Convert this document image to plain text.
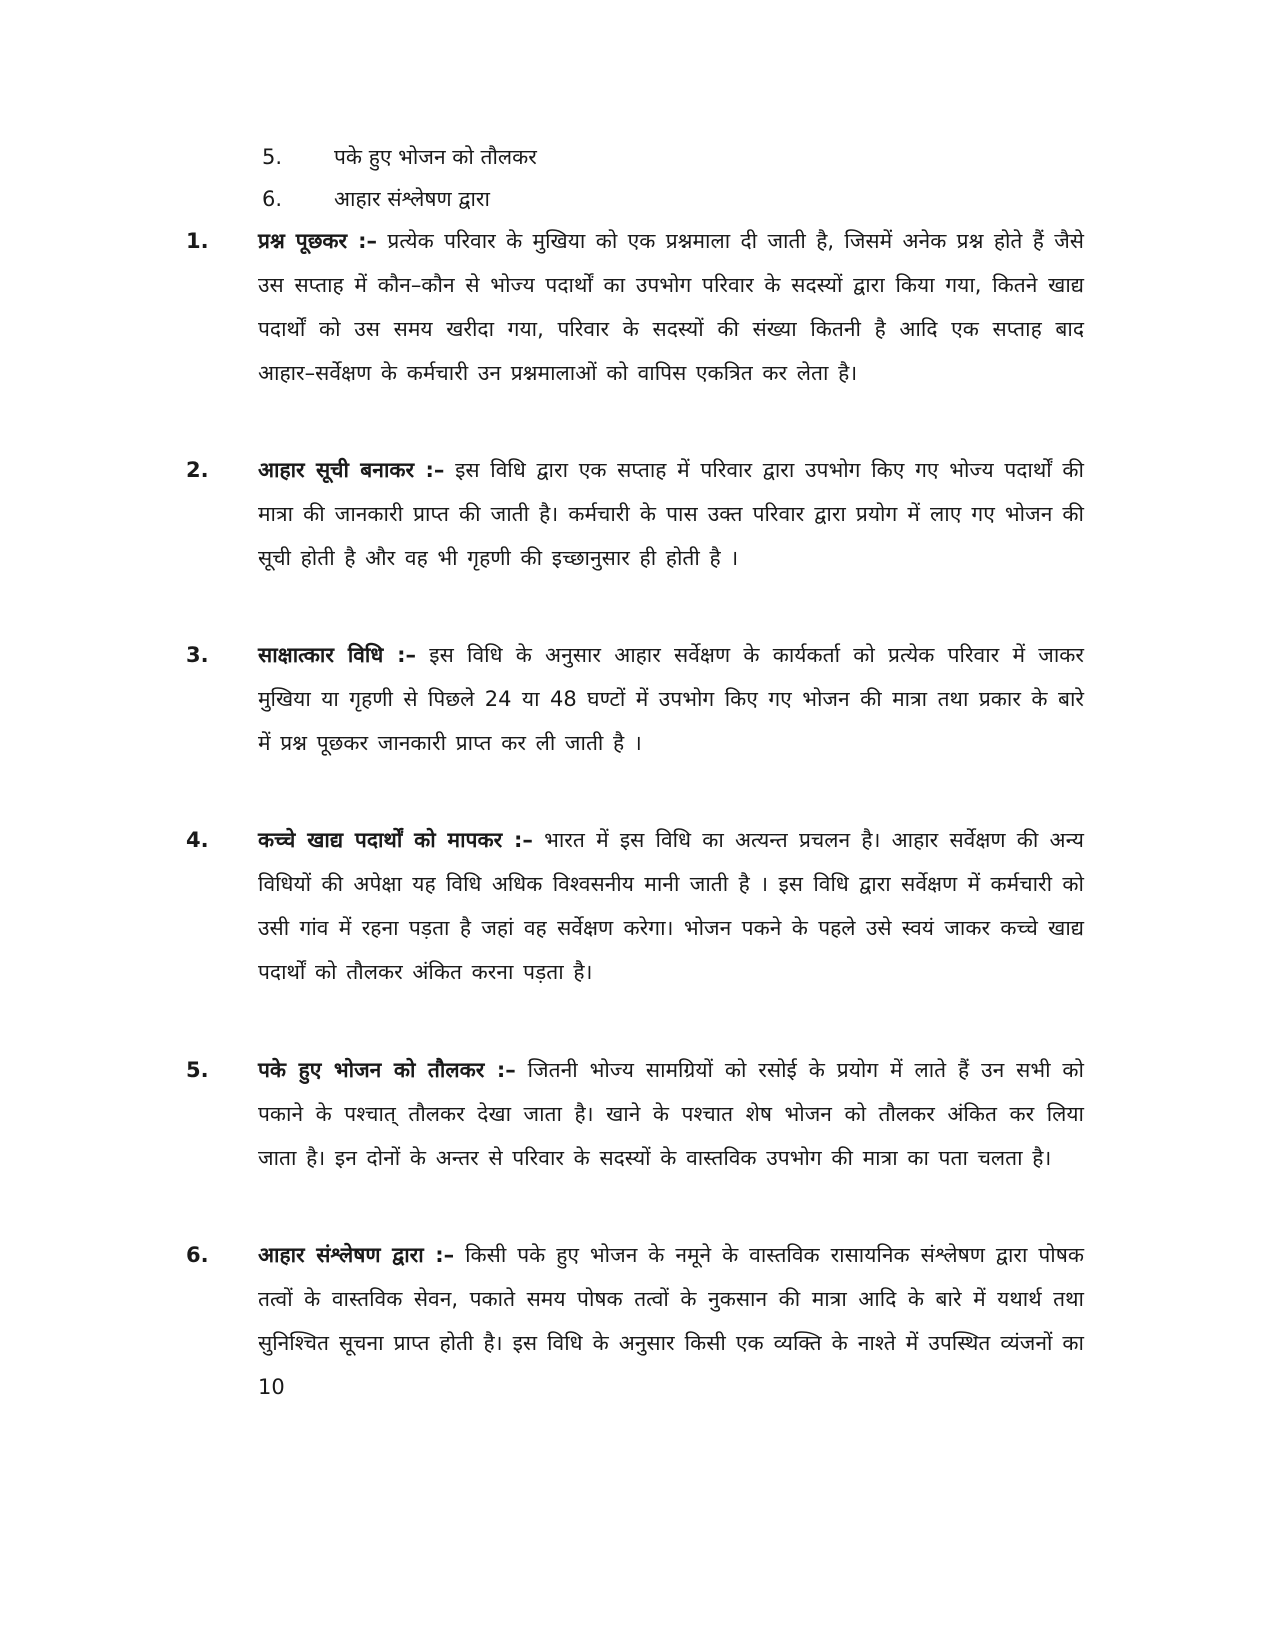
5. पके हुए भोजन को तौलकर
6. आहार संश्लेषण द्वारा
1. प्रश्न पूछकर :– प्रत्येक परिवार के मुखिया को एक प्रश्नमाला दी जाती है, जिसमें अनेक प्रश्न होते हैं जैसे उस सप्ताह में कौन–कौन से भोज्य पदार्थों का उपभोग परिवार के सदस्यों द्वारा किया गया, कितने खाद्य पदार्थों को उस समय खरीदा गया, परिवार के सदस्यों की संख्या कितनी है आदि एक सप्ताह बाद आहार–सर्वेक्षण के कर्मचारी उन प्रश्नमालाओं को वापिस एकत्रित कर लेता है।
2. आहार सूची बनाकर :– इस विधि द्वारा एक सप्ताह में परिवार द्वारा उपभोग किए गए भोज्य पदार्थों की मात्रा की जानकारी प्राप्त की जाती है। कर्मचारी के पास उक्त परिवार द्वारा प्रयोग में लाए गए भोजन की सूची होती है और वह भी गृहणी की इच्छानुसार ही होती है ।
3. साक्षात्कार विधि :– इस विधि के अनुसार आहार सर्वेक्षण के कार्यकर्ता को प्रत्येक परिवार में जाकर मुखिया या गृहणी से पिछले 24 या 48 घण्टों में उपभोग किए गए भोजन की मात्रा तथा प्रकार के बारे में प्रश्न पूछकर जानकारी प्राप्त कर ली जाती है ।
4. कच्चे खाद्य पदार्थों को मापकर :– भारत में इस विधि का अत्यन्त प्रचलन है। आहार सर्वेक्षण की अन्य विधियों की अपेक्षा यह विधि अधिक विश्वसनीय मानी जाती है । इस विधि द्वारा सर्वेक्षण में कर्मचारी को उसी गांव में रहना पड़ता है जहां वह सर्वेक्षण करेगा। भोजन पकने के पहले उसे स्वयं जाकर कच्चे खाद्य पदार्थों को तौलकर अंकित करना पड़ता है।
5. पके हुए भोजन को तौलकर :– जितनी भोज्य सामग्रियों को रसोई के प्रयोग में लाते हैं उन सभी को पकाने के पश्चात् तौलकर देखा जाता है। खाने के पश्चात शेष भोजन को तौलकर अंकित कर लिया जाता है। इन दोनों के अन्तर से परिवार के सदस्यों के वास्तविक उपभोग की मात्रा का पता चलता है।
6. आहार संश्लेषण द्वारा :– किसी पके हुए भोजन के नमूने के वास्तविक रासायनिक संश्लेषण द्वारा पोषक तत्वों के वास्तविक सेवन, पकाते समय पोषक तत्वों के नुकसान की मात्रा आदि के बारे में यथार्थ तथा सुनिश्चित सूचना प्राप्त होती है। इस विधि के अनुसार किसी एक व्यक्ति के नाश्ते में उपस्थित व्यंजनों का 10
